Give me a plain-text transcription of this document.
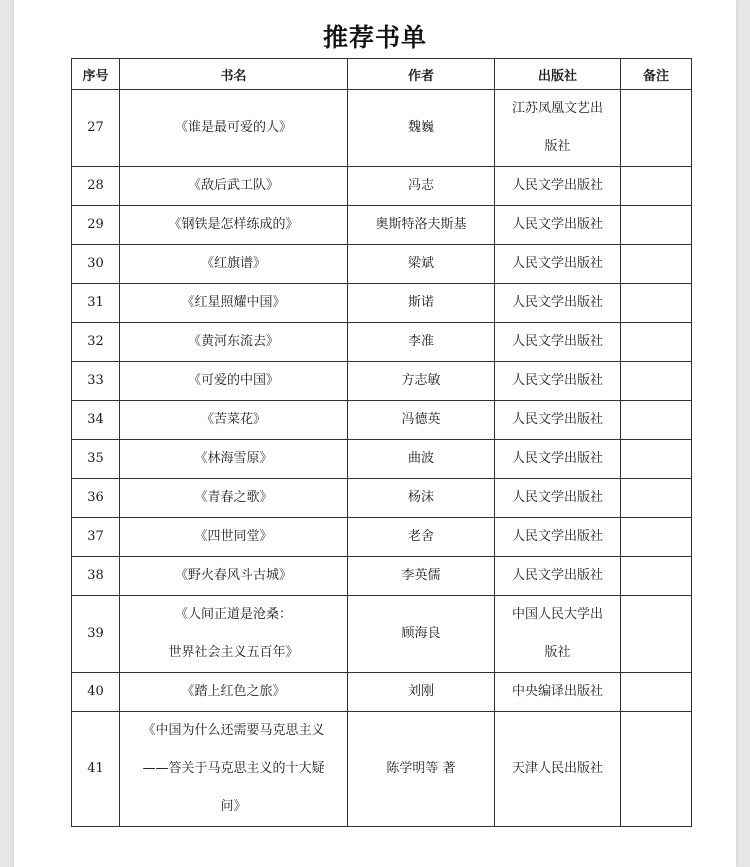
推荐书单
序号	书名	作者	出版社	备注
27	《谁是最可爱的人》	魏巍	江苏凤凰文艺出
版社	

28	《敌后武工队》	冯志	人民文学出版社	

29	《钢铁是怎样练成的》	奥斯特洛夫斯基	人民文学出版社	

30	《红旗谱》	梁斌	人民文学出版社	

31	《红星照耀中国》	斯诺	人民文学出版社	

32	《黄河东流去》	李准	人民文学出版社	

33	《可爱的中国》	方志敏	人民文学出版社	

34	《苦菜花》	冯德英	人民文学出版社	

35	《林海雪原》	曲波	人民文学出版社	

36	《青春之歌》	杨沫	人民文学出版社	

37	《四世同堂》	老舍	人民文学出版社	

38	《野火春风斗古城》	李英儒	人民文学出版社	

39	《人间正道是沧桑：
世界社会主义五百年》	顾海良	中国人民大学出
版社	

40	《踏上红色之旅》	刘刚	中央编译出版社	

41	《中国为什么还需要马克思主义
——答关于马克思主义的十大疑
问》	陈学明等 著	天津人民出版社	
